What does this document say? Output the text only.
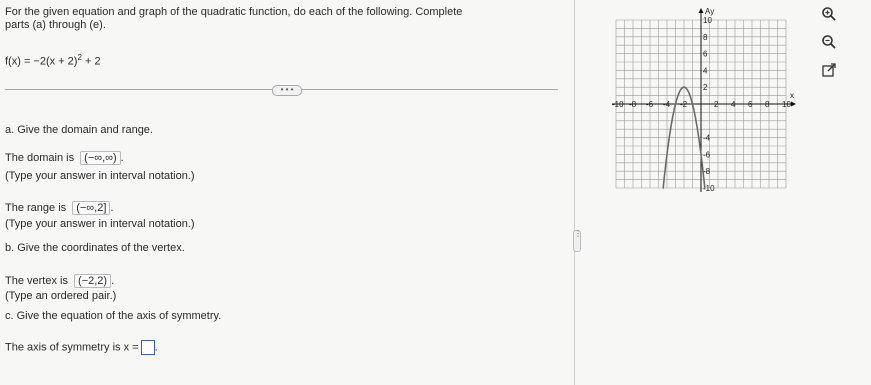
For the given equation and graph of the quadratic function, do each of the following. Complete
parts (a) through (e).
$f(x) = -2(x + 2)^2 + 2$
• • •
a. Give the domain and range.
The domain is (−∞,∞) .
(Type your answer in interval notation.)
The range is (−∞,2] .
(Type your answer in interval notation.)
b. Give the coordinates of the vertex.
The vertex is (−2,2) .
(Type an ordered pair.)
c. Give the equation of the axis of symmetry.
The axis of symmetry is x = .
⋮
x
Ay
-10 -8 -6 -4 -2	2 4 6 8 10
10
8
6
4
2
-4
-6
-8
-10
